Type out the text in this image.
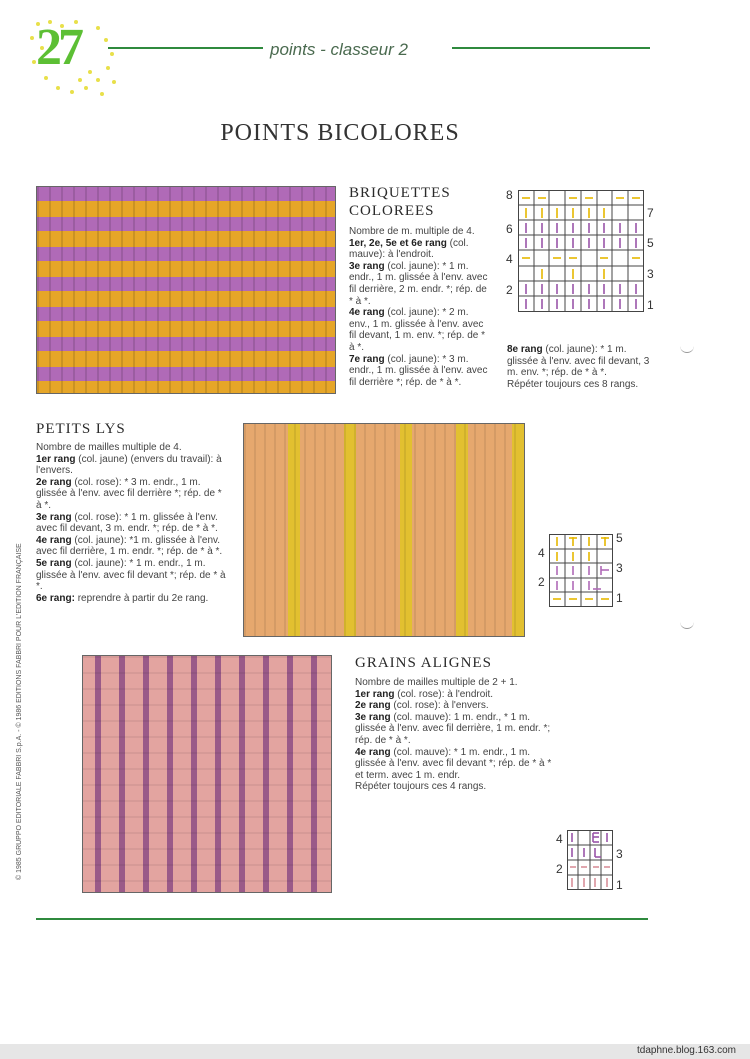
27	points - classeur 2
POINTS BICOLORES
BRIQUETTES
COLOREES
Nombre de m. multiple de 4.
1er, 2e, 5e et 6e rang (col. mauve): à l'endroit.
3e rang (col. jaune): * 1 m. endr., 1 m. glissée à l'env. avec fil derrière, 2 m. endr. *; rép. de * à *.
4e rang (col. jaune): * 2 m. env., 1 m. glissée à l'env. avec fil devant, 1 m. env. *; rép. de * à *.
7e rang (col. jaune): * 3 m. endr., 1 m. glissée à l'env. avec fil derrière *; rép. de * à *.
8
6
4
2
7
5
3
1
8e rang (col. jaune): * 1 m. glissée à l'env. avec fil devant, 3 m. env. *; rép. de * à *.
Répéter toujours ces 8 rangs.
PETITS LYS
Nombre de mailles multiple de 4.
1er rang (col. jaune) (envers du travail): à l'envers.
2e rang (col. rose): * 3 m. endr., 1 m. glissée à l'env. avec fil derrière *; rép. de * à *.
3e rang (col. rose): * 1 m. glissée à l'env. avec fil devant, 3 m. endr. *; rép. de * à *.
4e rang (col. jaune): *1 m. glissée à l'env. avec fil derrière, 1 m. endr. *; rép. de * à *.
5e rang (col. jaune): * 1 m. endr., 1 m. glissée à l'env. avec fil devant *; rép. de * à *.
6e rang: reprendre à partir du 2e rang.
4
2
5
3
1
GRAINS ALIGNES
Nombre de mailles multiple de 2 + 1.
1er rang (col. rose): à l'endroit.
2e rang (col. rose): à l'envers.
3e rang (col. mauve): 1 m. endr., * 1 m. glissée à l'env. avec fil derrière, 1 m. endr. *; rép. de * à *.
4e rang (col. mauve): * 1 m. endr., 1 m. glissée à l'env. avec fil devant *; rép. de * à * et term. avec 1 m. endr.
Répéter toujours ces 4 rangs.
4
2
3
1
© 1985 GRUPPO EDITORIALE FABBRI S.p.A. - © 1986 EDITIONS FABBRI POUR L'EDITION FRANÇAISE
tdaphne.blog.163.com
